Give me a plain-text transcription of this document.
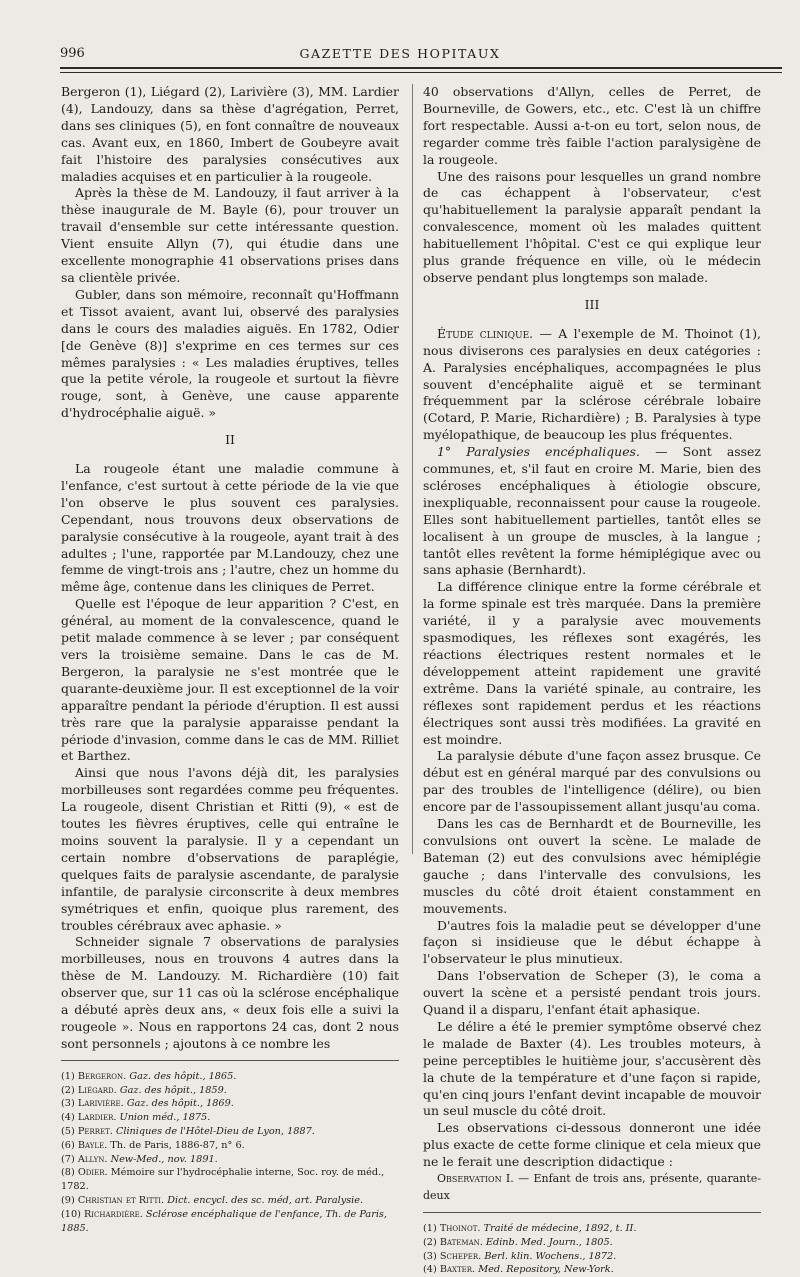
996	GAZETTE DES HOPITAUX

Bergeron (1), Liégard (2), Larivière (3), MM. Lardier (4), Landouzy, dans sa thèse d'agrégation, Perret, dans ses cliniques (5), en font connaître de nouveaux cas. Avant eux, en 1860, Imbert de Goubeyre avait fait l'histoire des paralysies consécutives aux maladies acquises et en particulier à la rougeole.

Après la thèse de M. Landouzy, il faut arriver à la thèse inaugurale de M. Bayle (6), pour trouver un travail d'ensemble sur cette intéressante question. Vient ensuite Allyn (7), qui étudie dans une excellente monographie 41 observations prises dans sa clientèle privée.

Gubler, dans son mémoire, reconnaît qu'Hoffmann et Tissot avaient, avant lui, observé des paralysies dans le cours des maladies aiguës. En 1782, Odier [de Genève (8)] s'exprime en ces termes sur ces mêmes paralysies : « Les maladies éruptives, telles que la petite vérole, la rougeole et surtout la fièvre rouge, sont, à Genève, une cause apparente d'hydrocéphalie aiguë. »

II

La rougeole étant une maladie commune à l'enfance, c'est surtout à cette période de la vie que l'on observe le plus souvent ces paralysies. Cependant, nous trouvons deux observations de paralysie consécutive à la rougeole, ayant trait à des adultes ; l'une, rapportée par M.Landouzy, chez une femme de vingt-trois ans ; l'autre, chez un homme du même âge, contenue dans les cliniques de Perret.

Quelle est l'époque de leur apparition ? C'est, en général, au moment de la convalescence, quand le petit malade commence à se lever ; par conséquent vers la troisième semaine. Dans le cas de M. Bergeron, la paralysie ne s'est montrée que le quarante-deuxième jour. Il est exceptionnel de la voir apparaître pendant la période d'éruption. Il est aussi très rare que la paralysie apparaisse pendant la période d'invasion, comme dans le cas de MM. Rilliet et Barthez.

Ainsi que nous l'avons déjà dit, les paralysies morbilleuses sont regardées comme peu fréquentes. La rougeole, disent Christian et Ritti (9), « est de toutes les fièvres éruptives, celle qui entraîne le moins souvent la paralysie. Il y a cependant un certain nombre d'observations de paraplégie, quelques faits de paralysie ascendante, de paralysie infantile, de paralysie circonscrite à deux membres symétriques et enfin, quoique plus rarement, des troubles cérébraux avec aphasie. »

Schneider signale 7 observations de paralysies morbilleuses, nous en trouvons 4 autres dans la thèse de M. Landouzy. M. Richardière (10) fait observer que, sur 11 cas où la sclérose encéphalique a débuté après deux ans, « deux fois elle a suivi la rougeole ». Nous en rapportons 24 cas, dont 2 nous sont personnels ; ajoutons à ce nombre les

(1) Bergeron. Gaz. des hôpit., 1865.
(2) Liégard. Gaz. des hôpit., 1859.
(3) Larivière. Gaz. des hôpit., 1869.
(4) Lardier. Union méd., 1875.
(5) Perret. Cliniques de l'Hôtel-Dieu de Lyon, 1887.
(6) Bayle. Th. de Paris, 1886-87, n° 6.
(7) Allyn. New-Med., nov. 1891.
(8) Odier. Mémoire sur l'hydrocéphalie interne, Soc. roy. de méd., 1782.
(9) Christian et Ritti. Dict. encycl. des sc. méd, art. Paralysie.
(10) Richardière. Sclérose encéphalique de l'enfance, Th. de Paris, 1885.

40 observations d'Allyn, celles de Perret, de Bourneville, de Gowers, etc., etc. C'est là un chiffre fort respectable. Aussi a-t-on eu tort, selon nous, de regarder comme très faible l'action paralysigène de la rougeole.

Une des raisons pour lesquelles un grand nombre de cas échappent à l'observateur, c'est qu'habituellement la paralysie apparaît pendant la convalescence, moment où les malades quittent habituellement l'hôpital. C'est ce qui explique leur plus grande fréquence en ville, où le médecin observe pendant plus longtemps son malade.

III

Étude clinique. — A l'exemple de M. Thoinot (1), nous diviserons ces paralysies en deux catégories : A. Paralysies encéphaliques, accompagnées le plus souvent d'encéphalite aiguë et se terminant fréquemment par la sclérose cérébrale lobaire (Cotard, P. Marie, Richardière) ; B. Paralysies à type myélopathique, de beaucoup les plus fréquentes.

1° Paralysies encéphaliques. — Sont assez communes, et, s'il faut en croire M. Marie, bien des scléroses encéphaliques à étiologie obscure, inexpliquable, reconnaissent pour cause la rougeole. Elles sont habituellement partielles, tantôt elles se localisent à un groupe de muscles, à la langue ; tantôt elles revêtent la forme hémiplégique avec ou sans aphasie (Bernhardt).

La différence clinique entre la forme cérébrale et la forme spinale est très marquée. Dans la première variété, il y a paralysie avec mouvements spasmodiques, les réflexes sont exagérés, les réactions électriques restent normales et le développement atteint rapidement une gravité extrême. Dans la variété spinale, au contraire, les réflexes sont rapidement perdus et les réactions électriques sont aussi très modifiées. La gravité en est moindre.

La paralysie débute d'une façon assez brusque. Ce début est en général marqué par des convulsions ou par des troubles de l'intelligence (délire), ou bien encore par de l'assoupissement allant jusqu'au coma.

Dans les cas de Bernhardt et de Bourneville, les convulsions ont ouvert la scène. Le malade de Bateman (2) eut des convulsions avec hémiplégie gauche ; dans l'intervalle des convulsions, les muscles du côté droit étaient constamment en mouvements.

D'autres fois la maladie peut se développer d'une façon si insidieuse que le début échappe à l'observateur le plus minutieux.

Dans l'observation de Scheper (3), le coma a ouvert la scène et a persisté pendant trois jours. Quand il a disparu, l'enfant était aphasique.

Le délire a été le premier symptôme observé chez le malade de Baxter (4). Les troubles moteurs, à peine perceptibles le huitième jour, s'accusèrent dès la chute de la température et d'une façon si rapide, qu'en cinq jours l'enfant devint incapable de mouvoir un seul muscle du côté droit.

Les observations ci-dessous donneront une idée plus exacte de cette forme clinique et cela mieux que ne le ferait une description didactique :

Observation I. — Enfant de trois ans, présente, quarante-deux

(1) Thoinot. Traité de médecine, 1892, t. II.
(2) Bateman. Edinb. Med. Journ., 1805.
(3) Scheper. Berl. klin. Wochens., 1872.
(4) Baxter. Med. Repository, New-York.
